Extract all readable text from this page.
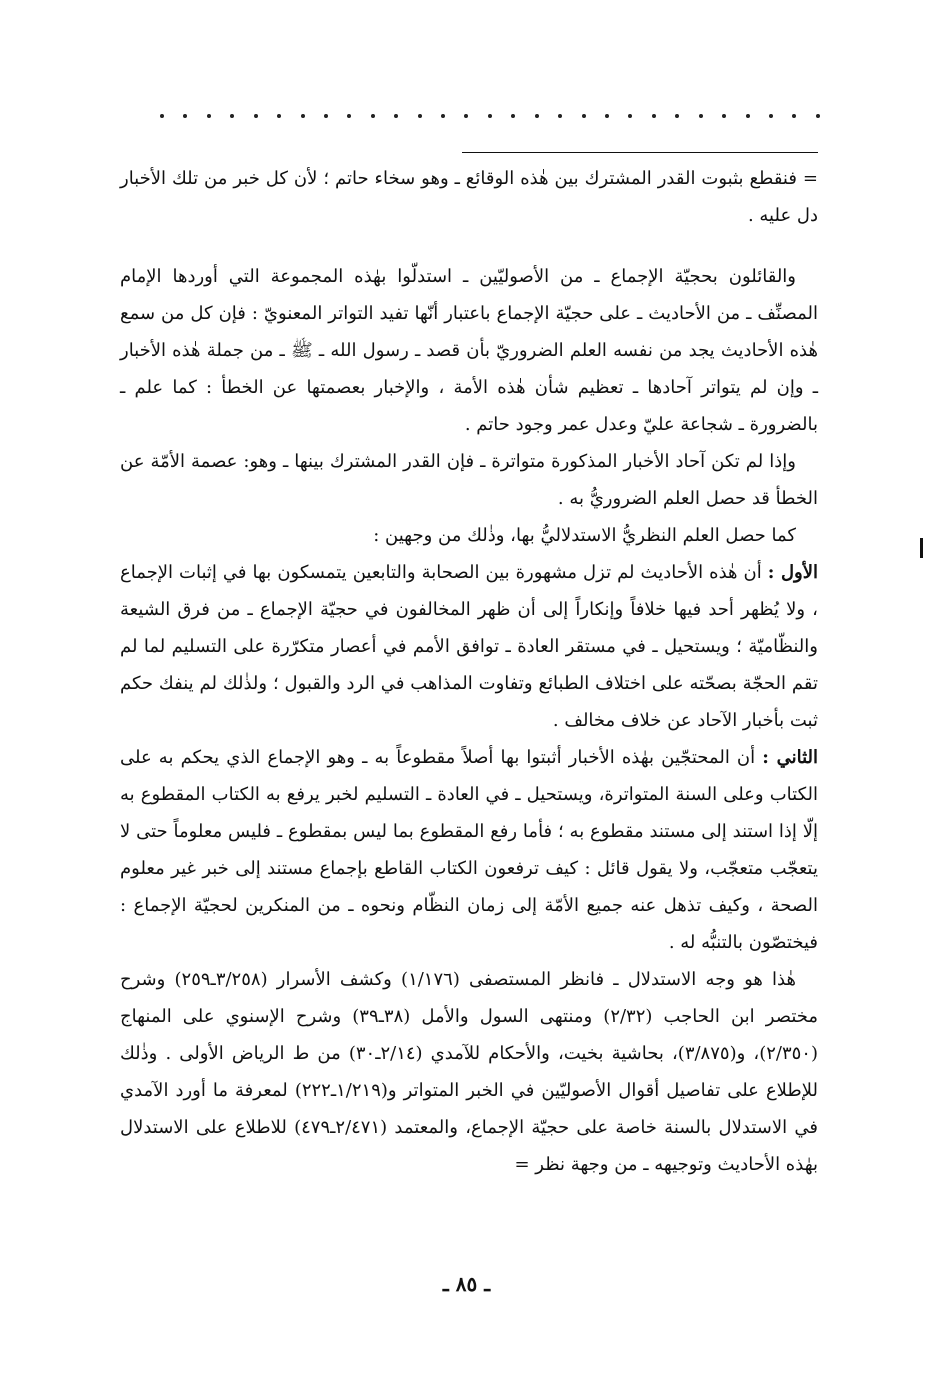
= فنقطع بثبوت القدر المشترك بين هٰذه الوقائع ـ وهو سخاء حاتم ؛ لأن كل خبر من تلك الأخبار دل عليه .

والقائلون بحجيّة الإجماع ـ من الأصوليّين ـ استدلّوا بهٰذه المجموعة التي أوردها الإمام المصنِّف ـ من الأحاديث ـ على حجيّة الإجماع باعتبار أنّها تفيد التواتر المعنويّ : فإن كل من سمع هٰذه الأحاديث يجد من نفسه العلم الضروريّ بأن قصد ـ رسول الله ـ ﷺ ـ من جملة هٰذه الأخبار ـ وإن لم يتواتر آحادها ـ تعظيم شأن هٰذه الأمة ، والإخبار بعصمتها عن الخطأ : كما علم ـ بالضرورة ـ شجاعة عليّ وعدل عمر وجود حاتم .

وإذا لم تكن آحاد الأخبار المذكورة متواترة ـ فإن القدر المشترك بينها ـ وهو: عصمة الأمّة عن الخطأ قد حصل العلم الضروريُّ به .

كما حصل العلم النظريُّ الاستدلاليُّ بها، وذٰلك من وجهين :

الأول : أن هٰذه الأحاديث لم تزل مشهورة بين الصحابة والتابعين يتمسكون بها في إثبات الإجماع ، ولا يُظهر أحد فيها خلافاً وإنكاراً إلى أن ظهر المخالفون في حجيّة الإجماع ـ من فرق الشيعة والنظّاميّة ؛ ويستحيل ـ في مستقر العادة ـ توافق الأمم في أعصار متكرّرة على التسليم لما لم تقم الحجّة بصحّته على اختلاف الطبائع وتفاوت المذاهب في الرد والقبول ؛ ولذٰلك لم ينفك حكم ثبت بأخبار الآحاد عن خلاف مخالف .

الثاني : أن المحتجّين بهٰذه الأخبار أثبتوا بها أصلاً مقطوعاً به ـ وهو الإجماع الذي يحكم به على الكتاب وعلى السنة المتواترة، ويستحيل ـ في العادة ـ التسليم لخبر يرفع به الكتاب المقطوع به إلّا إذا استند إلى مستند مقطوع به ؛ فأما رفع المقطوع بما ليس بمقطوع ـ فليس معلوماً حتى لا يتعجّب متعجّب، ولا يقول قائل : كيف ترفعون الكتاب القاطع بإجماع مستند إلى خبر غير معلوم الصحة ، وكيف تذهل عنه جميع الأمّة إلى زمان النظّام ونحوه ـ من المنكرين لحجيّة الإجماع : فيختصّون بالتنبُّه له .

هٰذا هو وجه الاستدلال ـ فانظر المستصفى (١/١٧٦) وكشف الأسرار (٣/٢٥٨ـ٢٥٩) وشرح مختصر ابن الحاجب (٢/٣٢) ومنتهى السول والأمل (٣٨ـ٣٩) وشرح الإسنوي على المنهاج (٢/٣٥٠)، و(٣/٨٧٥)، بحاشية بخيت، والأحكام للآمدي (٢/١٤ـ٣٠) من ط الرياض الأولى . وذٰلك للإطلاع على تفاصيل أقوال الأصوليّين في الخبر المتواتر و(١/٢١٩ـ٢٢٢) لمعرفة ما أورد الآمدي في الاستدلال بالسنة خاصة على حجيّة الإجماع، والمعتمد (٢/٤٧١ـ٤٧٩) للاطلاع على الاستدلال بهٰذه الأحاديث وتوجيهه ـ من وجهة نظر =

ـ ٨٥ ـ
